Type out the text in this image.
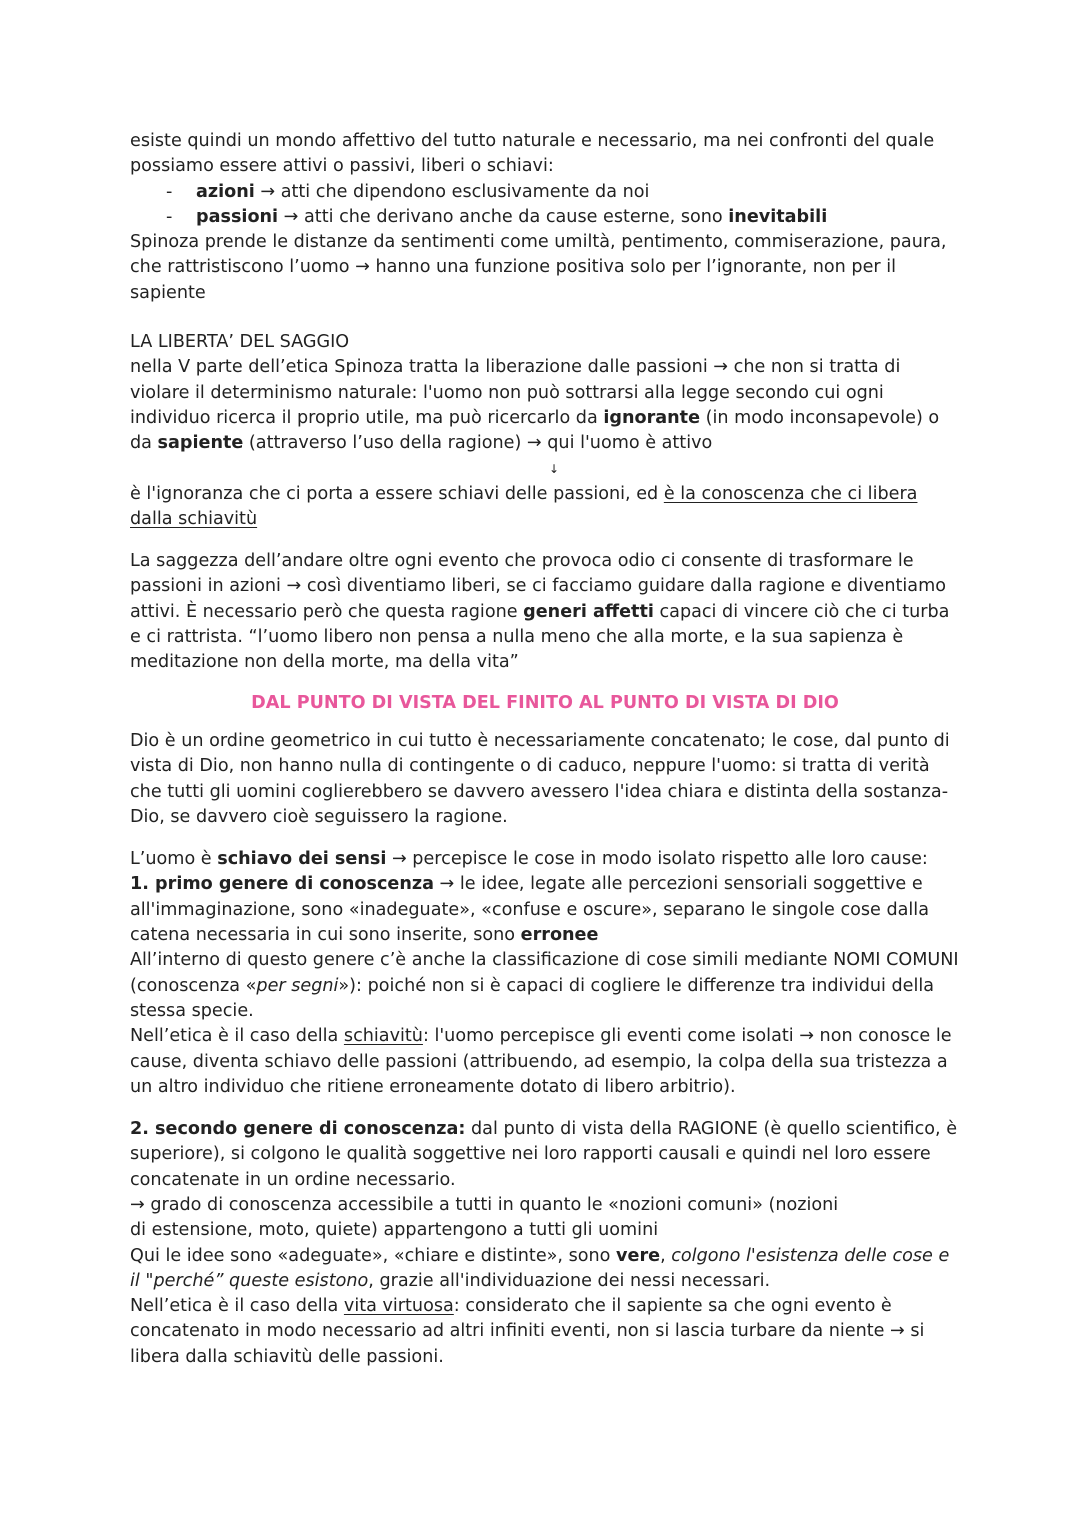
esiste quindi un mondo affettivo del tutto naturale e necessario, ma nei confronti del quale possiamo essere attivi o passivi, liberi o schiavi:

- azioni → atti che dipendono esclusivamente da noi

- passioni → atti che derivano anche da cause esterne, sono inevitabili

Spinoza prende le distanze da sentimenti come umiltà, pentimento, commiserazione, paura, che rattristiscono l’uomo → hanno una funzione positiva solo per l’ignorante, non per il sapiente

LA LIBERTA’ DEL SAGGIO

nella V parte dell’etica Spinoza tratta la liberazione dalle passioni → che non si tratta di violare il determinismo naturale: l'uomo non può sottrarsi alla legge secondo cui ogni individuo ricerca il proprio utile, ma può ricercarlo da ignorante (in modo inconsapevole) o da sapiente (attraverso l’uso della ragione) → qui l'uomo è attivo

↓

è l'ignoranza che ci porta a essere schiavi delle passioni, ed è la conoscenza che ci libera dalla schiavitù

La saggezza dell’andare oltre ogni evento che provoca odio ci consente di trasformare le passioni in azioni → così diventiamo liberi, se ci facciamo guidare dalla ragione e diventiamo attivi. È necessario però che questa ragione generi affetti capaci di vincere ciò che ci turba e ci rattrista. “l’uomo libero non pensa a nulla meno che alla morte, e la sua sapienza è meditazione non della morte, ma della vita”

DAL PUNTO DI VISTA DEL FINITO AL PUNTO DI VISTA DI DIO

Dio è un ordine geometrico in cui tutto è necessariamente concatenato; le cose, dal punto di vista di Dio, non hanno nulla di contingente o di caduco, neppure l'uomo: si tratta di verità che tutti gli uomini coglierebbero se davvero avessero l'idea chiara e distinta della sostanza-Dio, se davvero cioè seguissero la ragione.

L’uomo è schiavo dei sensi → percepisce le cose in modo isolato rispetto alle loro cause:

1. primo genere di conoscenza → le idee, legate alle percezioni sensoriali soggettive e all'immaginazione, sono «inadeguate», «confuse e oscure», separano le singole cose dalla catena necessaria in cui sono inserite, sono erronee

All’interno di questo genere c’è anche la classificazione di cose simili mediante NOMI COMUNI (conoscenza «per segni»): poiché non si è capaci di cogliere le differenze tra individui della stessa specie.

Nell’etica è il caso della schiavitù: l'uomo percepisce gli eventi come isolati → non conosce le cause, diventa schiavo delle passioni (attribuendo, ad esempio, la colpa della sua tristezza a un altro individuo che ritiene erroneamente dotato di libero arbitrio).

2. secondo genere di conoscenza: dal punto di vista della RAGIONE (è quello scientifico, è superiore), si colgono le qualità soggettive nei loro rapporti causali e quindi nel loro essere concatenate in un ordine necessario.

→ grado di conoscenza accessibile a tutti in quanto le «nozioni comuni» (nozioni

di estensione, moto, quiete) appartengono a tutti gli uomini

Qui le idee sono «adeguate», «chiare e distinte», sono vere, colgono l'esistenza delle cose e il "perché” queste esistono, grazie all'individuazione dei nessi necessari.

Nell’etica è il caso della vita virtuosa: considerato che il sapiente sa che ogni evento è concatenato in modo necessario ad altri infiniti eventi, non si lascia turbare da niente → si libera dalla schiavitù delle passioni.
